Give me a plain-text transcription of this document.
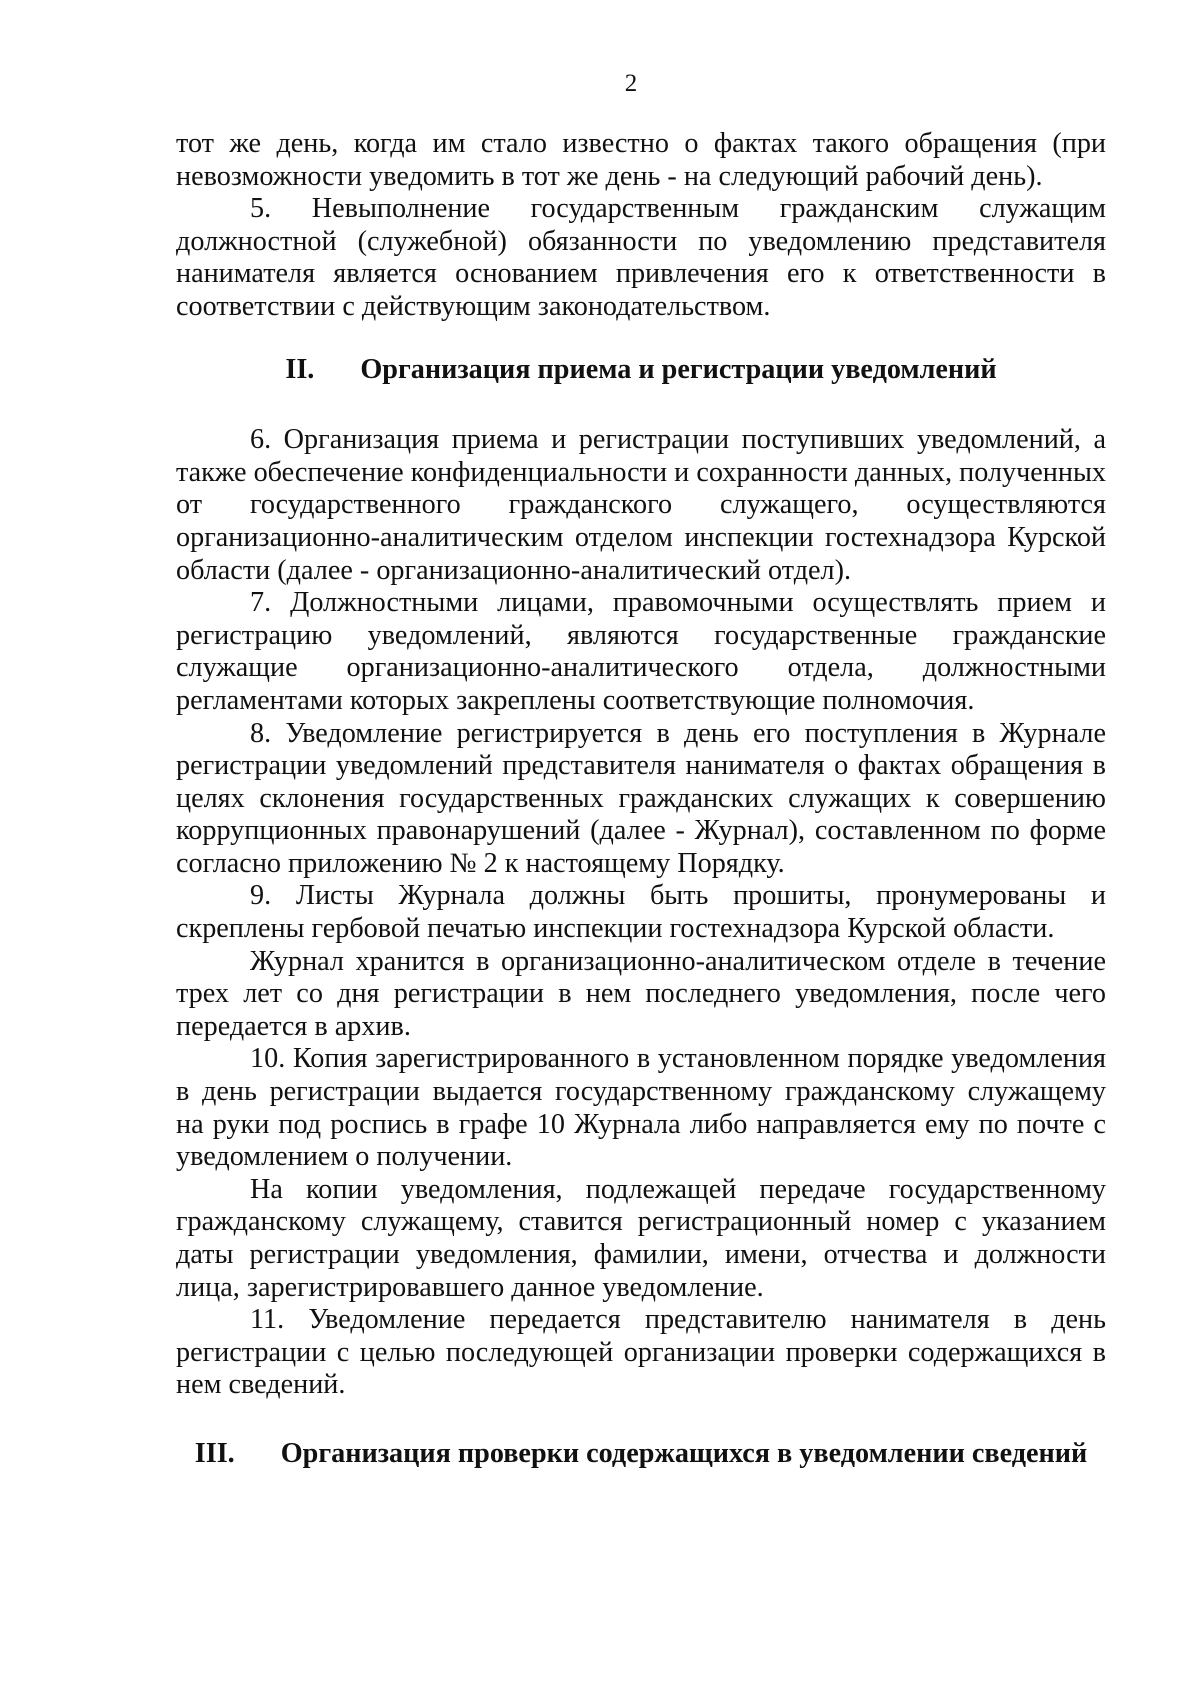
2

тот же день, когда им стало известно о фактах такого обращения (при невозможности уведомить в тот же день - на следующий рабочий день).

5. Невыполнение государственным гражданским служащим должностной (служебной) обязанности по уведомлению представителя нанимателя является основанием привлечения его к ответственности в соответствии с действующим законодательством.

II. Организация приема и регистрации уведомлений

6. Организация приема и регистрации поступивших уведомлений, а также обеспечение конфиденциальности и сохранности данных, полученных от государственного гражданского служащего, осуществляются организационно-аналитическим отделом инспекции гостехнадзора Курской области (далее - организационно-аналитический отдел).

7. Должностными лицами, правомочными осуществлять прием и регистрацию уведомлений, являются государственные гражданские служащие организационно-аналитического отдела, должностными регламентами которых закреплены соответствующие полномочия.

8. Уведомление регистрируется в день его поступления в Журнале регистрации уведомлений представителя нанимателя о фактах обращения в целях склонения государственных гражданских служащих к совершению коррупционных правонарушений (далее - Журнал), составленном по форме согласно приложению № 2 к настоящему Порядку.

9. Листы Журнала должны быть прошиты, пронумерованы и скреплены гербовой печатью инспекции гостехнадзора Курской области.

Журнал хранится в организационно-аналитическом отделе в течение трех лет со дня регистрации в нем последнего уведомления, после чего передается в архив.

10. Копия зарегистрированного в установленном порядке уведомления в день регистрации выдается государственному гражданскому служащему на руки под роспись в графе 10 Журнала либо направляется ему по почте с уведомлением о получении.

На копии уведомления, подлежащей передаче государственному гражданскому служащему, ставится регистрационный номер с указанием даты регистрации уведомления, фамилии, имени, отчества и должности лица, зарегистрировавшего данное уведомление.

11. Уведомление передается представителю нанимателя в день регистрации с целью последующей организации проверки содержащихся в нем сведений.

III. Организация проверки содержащихся в уведомлении сведений
